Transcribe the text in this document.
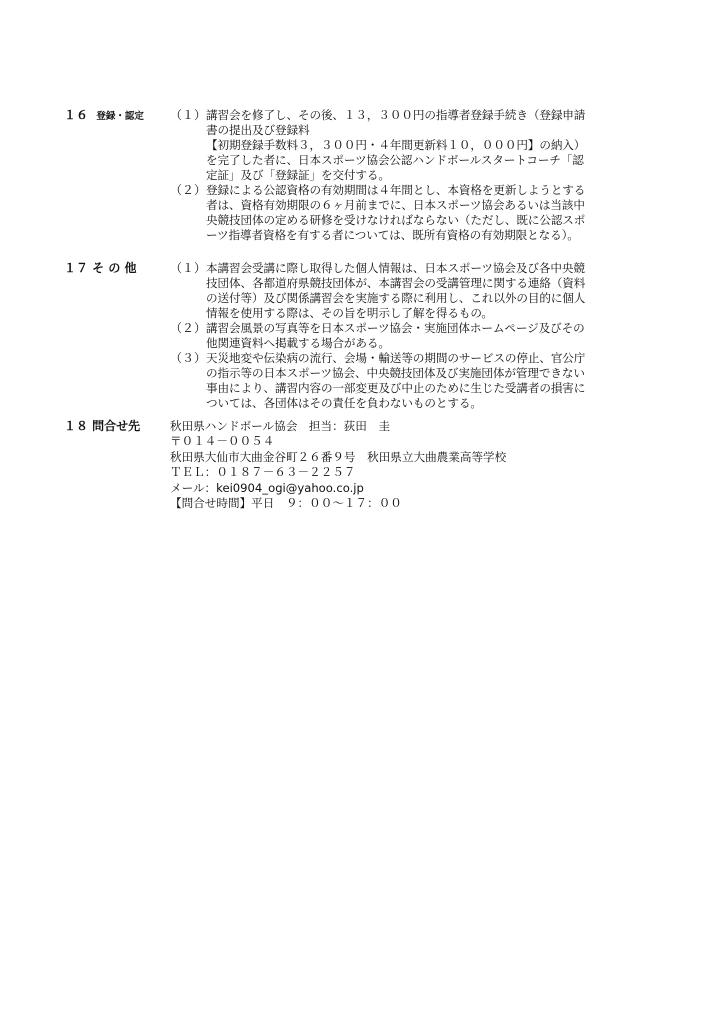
１６ 登録・認定	（１） 講習会を修了し、その後、１３，３００円の指導者登録手続き（登録申請
書の提出及び登録料
【初期登録手数料３，３００円・４年間更新料１０，０００円】の納入）
を完了した者に、日本スポーツ協会公認ハンドボールスタートコーチ「認
定証」及び「登録証」を交付する。
（２） 登録による公認資格の有効期間は４年間とし、本資格を更新しようとする
者は、資格有効期限の６ヶ月前までに、日本スポーツ協会あるいは当該中
央競技団体の定める研修を受けなければならない（ただし、既に公認スポ
ーツ指導者資格を有する者については、既所有資格の有効期限となる）。
１７ そ の 他	（１） 本講習会受講に際し取得した個人情報は、日本スポーツ協会及び各中央競
技団体、各都道府県競技団体が、本講習会の受講管理に関する連絡（資料
の送付等）及び関係講習会を実施する際に利用し、これ以外の目的に個人
情報を使用する際は、その旨を明示し了解を得るもの。
（２） 講習会風景の写真等を日本スポーツ協会・実施団体ホームページ及びその
他関連資料へ掲載する場合がある。
（３） 天災地変や伝染病の流行、会場・輸送等の期間のサービスの停止、官公庁
の指示等の日本スポーツ協会、中央競技団体及び実施団体が管理できない
事由により、講習内容の一部変更及び中止のために生じた受講者の損害に
ついては、各団体はその責任を負わないものとする。
１８ 問合せ先	秋田県ハンドボール協会　担当：荻田　圭
〒０１４－００５４
秋田県大仙市大曲金谷町２６番９号　秋田県立大曲農業高等学校
ＴＥＬ：０１８７－６３－２２５７
メール：kei0904_ogi@yahoo.co.jp
【問合せ時間】平日　９：００～１７：００
